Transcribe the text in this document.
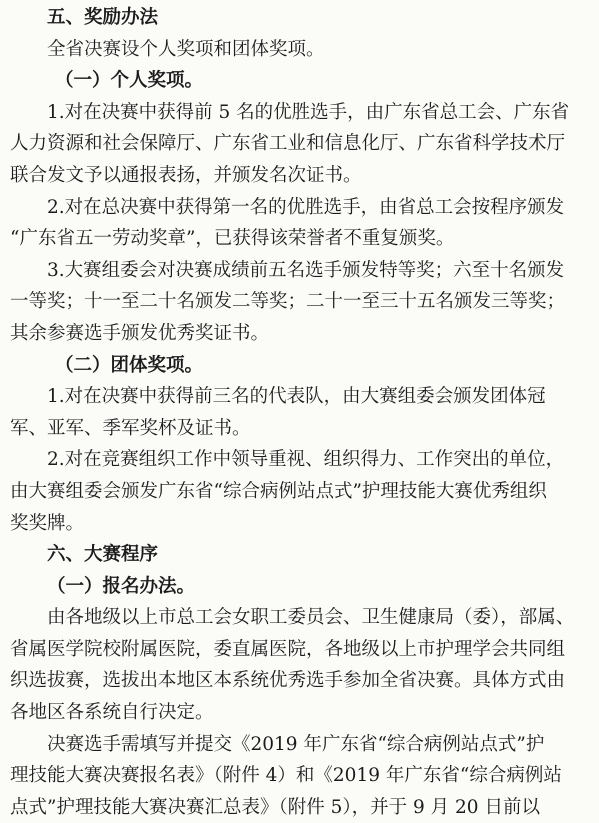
五、奖励办法
全省决赛设个人奖项和团体奖项。
（一）个人奖项。
1.对在决赛中获得前 5 名的优胜选手，由广东省总工会、广东省
人力资源和社会保障厅、广东省工业和信息化厅、广东省科学技术厅
联合发文予以通报表扬，并颁发名次证书。
2.对在总决赛中获得第一名的优胜选手，由省总工会按程序颁发
“广东省五一劳动奖章”，已获得该荣誉者不重复颁奖。
3.大赛组委会对决赛成绩前五名选手颁发特等奖；六至十名颁发
一等奖；十一至二十名颁发二等奖；二十一至三十五名颁发三等奖；
其余参赛选手颁发优秀奖证书。
（二）团体奖项。
1.对在决赛中获得前三名的代表队，由大赛组委会颁发团体冠
军、亚军、季军奖杯及证书。
2.对在竞赛组织工作中领导重视、组织得力、工作突出的单位，
由大赛组委会颁发广东省“综合病例站点式”护理技能大赛优秀组织
奖奖牌。
六、大赛程序
（一）报名办法。
由各地级以上市总工会女职工委员会、卫生健康局（委），部属、
省属医学院校附属医院，委直属医院，各地级以上市护理学会共同组
织选拔赛，选拔出本地区本系统优秀选手参加全省决赛。具体方式由
各地区各系统自行决定。
决赛选手需填写并提交《2019 年广东省“综合病例站点式”护
理技能大赛决赛报名表》（附件 4）和《2019 年广东省“综合病例站
点式”护理技能大赛决赛汇总表》（附件 5），并于 9 月 20 日前以
